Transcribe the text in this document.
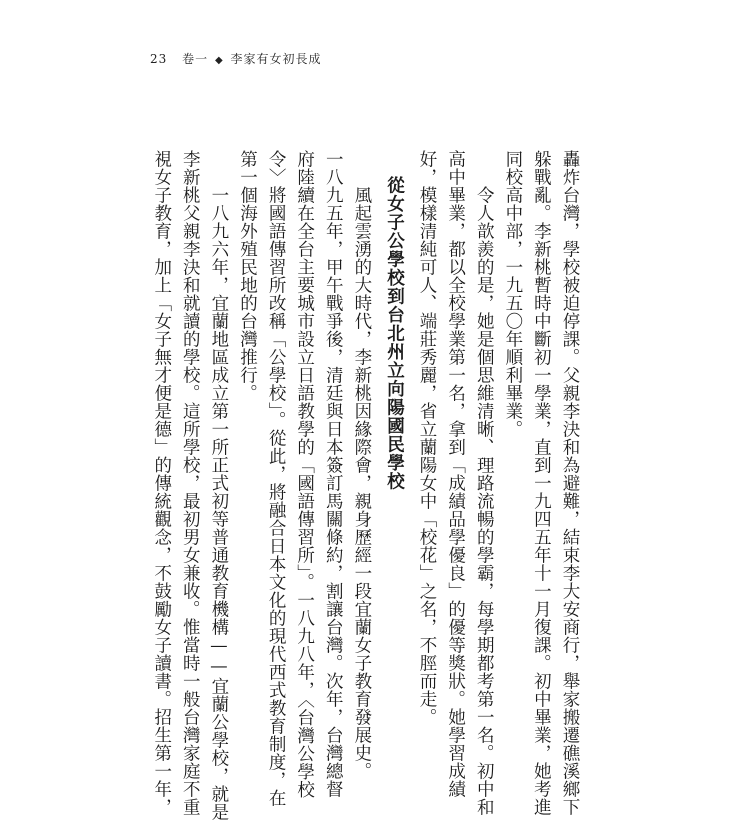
23 卷一 ◆ 李家有女初長成
轟炸台灣，學校被迫停課。父親李決和為避難，結束李大安商行，舉家搬遷礁溪鄉下
躲戰亂。李新桃暫時中斷初一學業，直到一九四五年十一月復課。初中畢業，她考進
同校高中部，一九五〇年順利畢業。
令人歆羨的是，她是個思維清晰、理路流暢的學霸，每學期都考第一名。初中和
高中畢業，都以全校學業第一名，拿到「成績品學優良」的優等獎狀。她學習成績
好，模樣清純可人、端莊秀麗，省立蘭陽女中「校花」之名，不脛而走。
從女子公學校到台北州立向陽國民學校
風起雲湧的大時代，李新桃因緣際會，親身歷經一段宜蘭女子教育發展史。
一八九五年，甲午戰爭後，清廷與日本簽訂馬關條約，割讓台灣。次年，台灣總督
府陸續在全台主要城市設立日語教學的「國語傳習所」。一八九八年，〈台灣公學校
令〉將國語傳習所改稱「公學校」。從此，將融合日本文化的現代西式教育制度，在
第一個海外殖民地的台灣推行。
一八九六年，宜蘭地區成立第一所正式初等普通教育機構——宜蘭公學校，就是
李新桃父親李決和就讀的學校。這所學校，最初男女兼收。惟當時一般台灣家庭不重
視女子教育，加上「女子無才便是德」的傳統觀念，不鼓勵女子讀書。招生第一年，
